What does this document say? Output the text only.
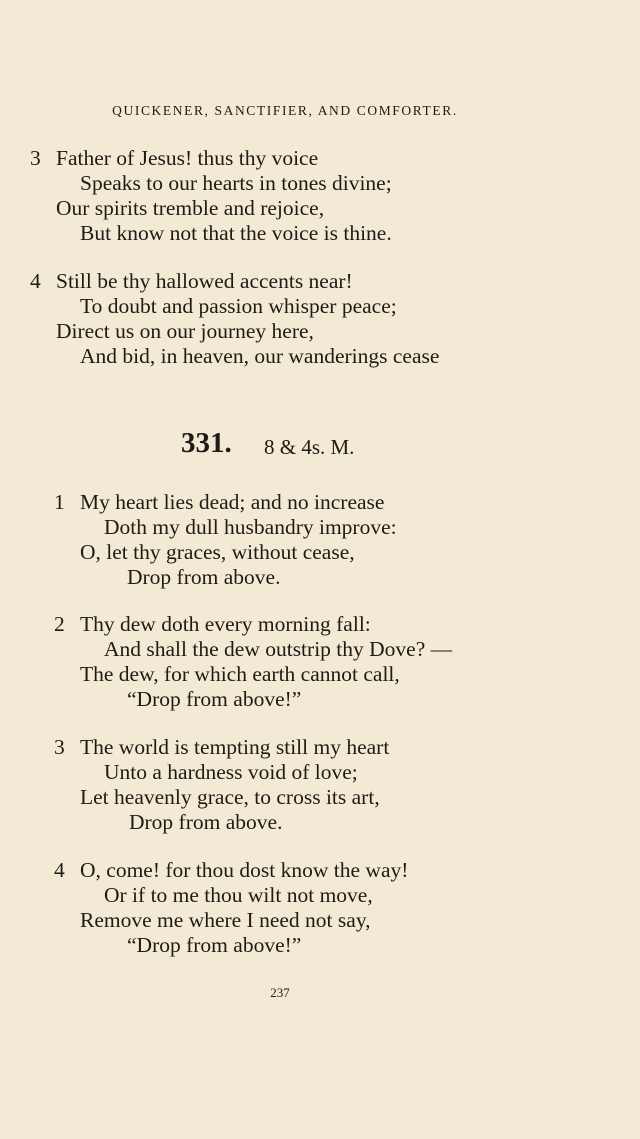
QUICKENER, SANCTIFIER, AND COMFORTER.
3 Father of Jesus! thus thy voice
Speaks to our hearts in tones divine;
Our spirits tremble and rejoice,
But know not that the voice is thine.
4 Still be thy hallowed accents near!
To doubt and passion whisper peace;
Direct us on our journey here,
And bid, in heaven, our wanderings cease
331. 8 & 4s. M.
1 My heart lies dead; and no increase
Doth my dull husbandry improve:
O, let thy graces, without cease,
Drop from above.
2 Thy dew doth every morning fall:
And shall the dew outstrip thy Dove? —
The dew, for which earth cannot call,
“Drop from above!”
3 The world is tempting still my heart
Unto a hardness void of love;
Let heavenly grace, to cross its art,
Drop from above.
4 O, come! for thou dost know the way!
Or if to me thou wilt not move,
Remove me where I need not say,
“Drop from above!”
237
